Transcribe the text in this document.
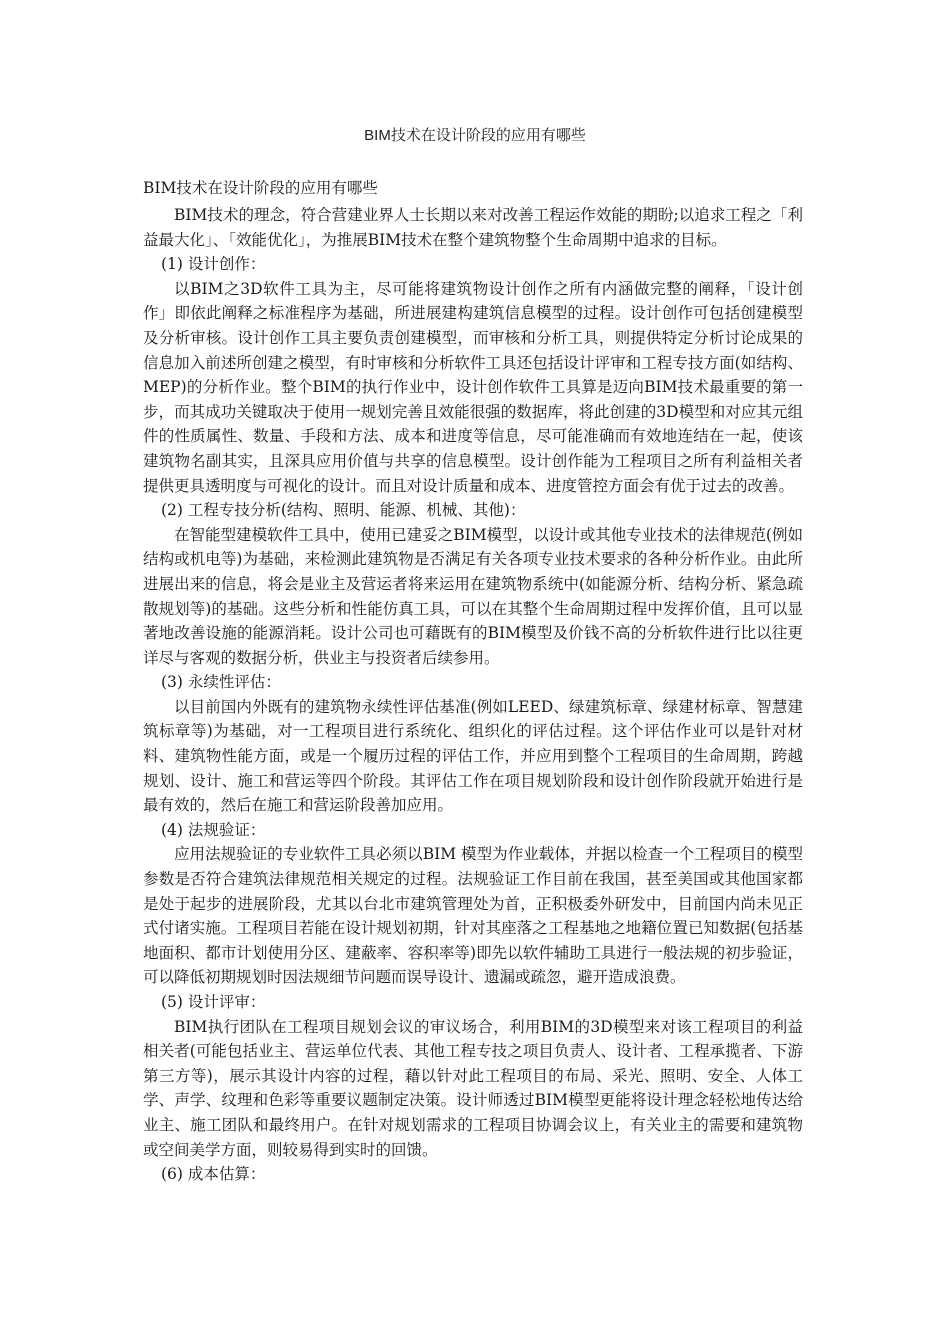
BIM技术在设计阶段的应用有哪些

BIM技术在设计阶段的应用有哪些

BIM技术的理念，符合营建业界人士长期以来对改善工程运作效能的期盼;以追求工程之「利益最大化」、「效能优化」，为推展BIM技术在整个建筑物整个生命周期中追求的目标。

(1) 设计创作：

以BIM之3D软件工具为主，尽可能将建筑物设计创作之所有内涵做完整的阐释，「设计创作」即依此阐释之标准程序为基础，所进展建构建筑信息模型的过程。设计创作可包括创建模型及分析审核。设计创作工具主要负责创建模型，而审核和分析工具，则提供特定分析讨论成果的信息加入前述所创建之模型，有时审核和分析软件工具还包括设计评审和工程专技方面(如结构、MEP)的分析作业。整个BIM的执行作业中，设计创作软件工具算是迈向BIM技术最重要的第一步，而其成功关键取决于使用一规划完善且效能很强的数据库，将此创建的3D模型和对应其元组件的性质属性、数量、手段和方法、成本和进度等信息，尽可能准确而有效地连结在一起，使该建筑物名副其实，且深具应用价值与共享的信息模型。设计创作能为工程项目之所有利益相关者提供更具透明度与可视化的设计。而且对设计质量和成本、进度管控方面会有优于过去的改善。

(2) 工程专技分析(结构、照明、能源、机械、其他)：

在智能型建模软件工具中，使用已建妥之BIM模型，以设计或其他专业技术的法律规范(例如结构或机电等)为基础，来检测此建筑物是否满足有关各项专业技术要求的各种分析作业。由此所进展出来的信息，将会是业主及营运者将来运用在建筑物系统中(如能源分析、结构分析、紧急疏散规划等)的基础。这些分析和性能仿真工具，可以在其整个生命周期过程中发挥价值，且可以显著地改善设施的能源消耗。设计公司也可藉既有的BIM模型及价钱不高的分析软件进行比以往更详尽与客观的数据分析，供业主与投资者后续参用。

(3) 永续性评估：

以目前国内外既有的建筑物永续性评估基准(例如LEED、绿建筑标章、绿建材标章、智慧建筑标章等)为基础，对一工程项目进行系统化、组织化的评估过程。这个评估作业可以是针对材料、建筑物性能方面，或是一个履历过程的评估工作，并应用到整个工程项目的生命周期，跨越规划、设计、施工和营运等四个阶段。其评估工作在项目规划阶段和设计创作阶段就开始进行是最有效的，然后在施工和营运阶段善加应用。

(4) 法规验证：

应用法规验证的专业软件工具必须以BIM 模型为作业载体，并据以检查一个工程项目的模型参数是否符合建筑法律规范相关规定的过程。法规验证工作目前在我国，甚至美国或其他国家都是处于起步的进展阶段，尤其以台北市建筑管理处为首，正积极委外研发中，目前国内尚未见正式付诸实施。工程项目若能在设计规划初期，针对其座落之工程基地之地籍位置已知数据(包括基地面积、都市计划使用分区、建蔽率、容积率等)即先以软件辅助工具进行一般法规的初步验证，可以降低初期规划时因法规细节问题而误导设计、遗漏或疏忽，避开造成浪费。

(5) 设计评审：

BIM执行团队在工程项目规划会议的审议场合，利用BIM的3D模型来对该工程项目的利益相关者(可能包括业主、营运单位代表、其他工程专技之项目负责人、设计者、工程承揽者、下游第三方等)，展示其设计内容的过程，藉以针对此工程项目的布局、采光、照明、安全、人体工学、声学、纹理和色彩等重要议题制定决策。设计师透过BIM模型更能将设计理念轻松地传达给业主、施工团队和最终用户。在针对规划需求的工程项目协调会议上，有关业主的需要和建筑物或空间美学方面，则较易得到实时的回馈。

(6) 成本估算：
